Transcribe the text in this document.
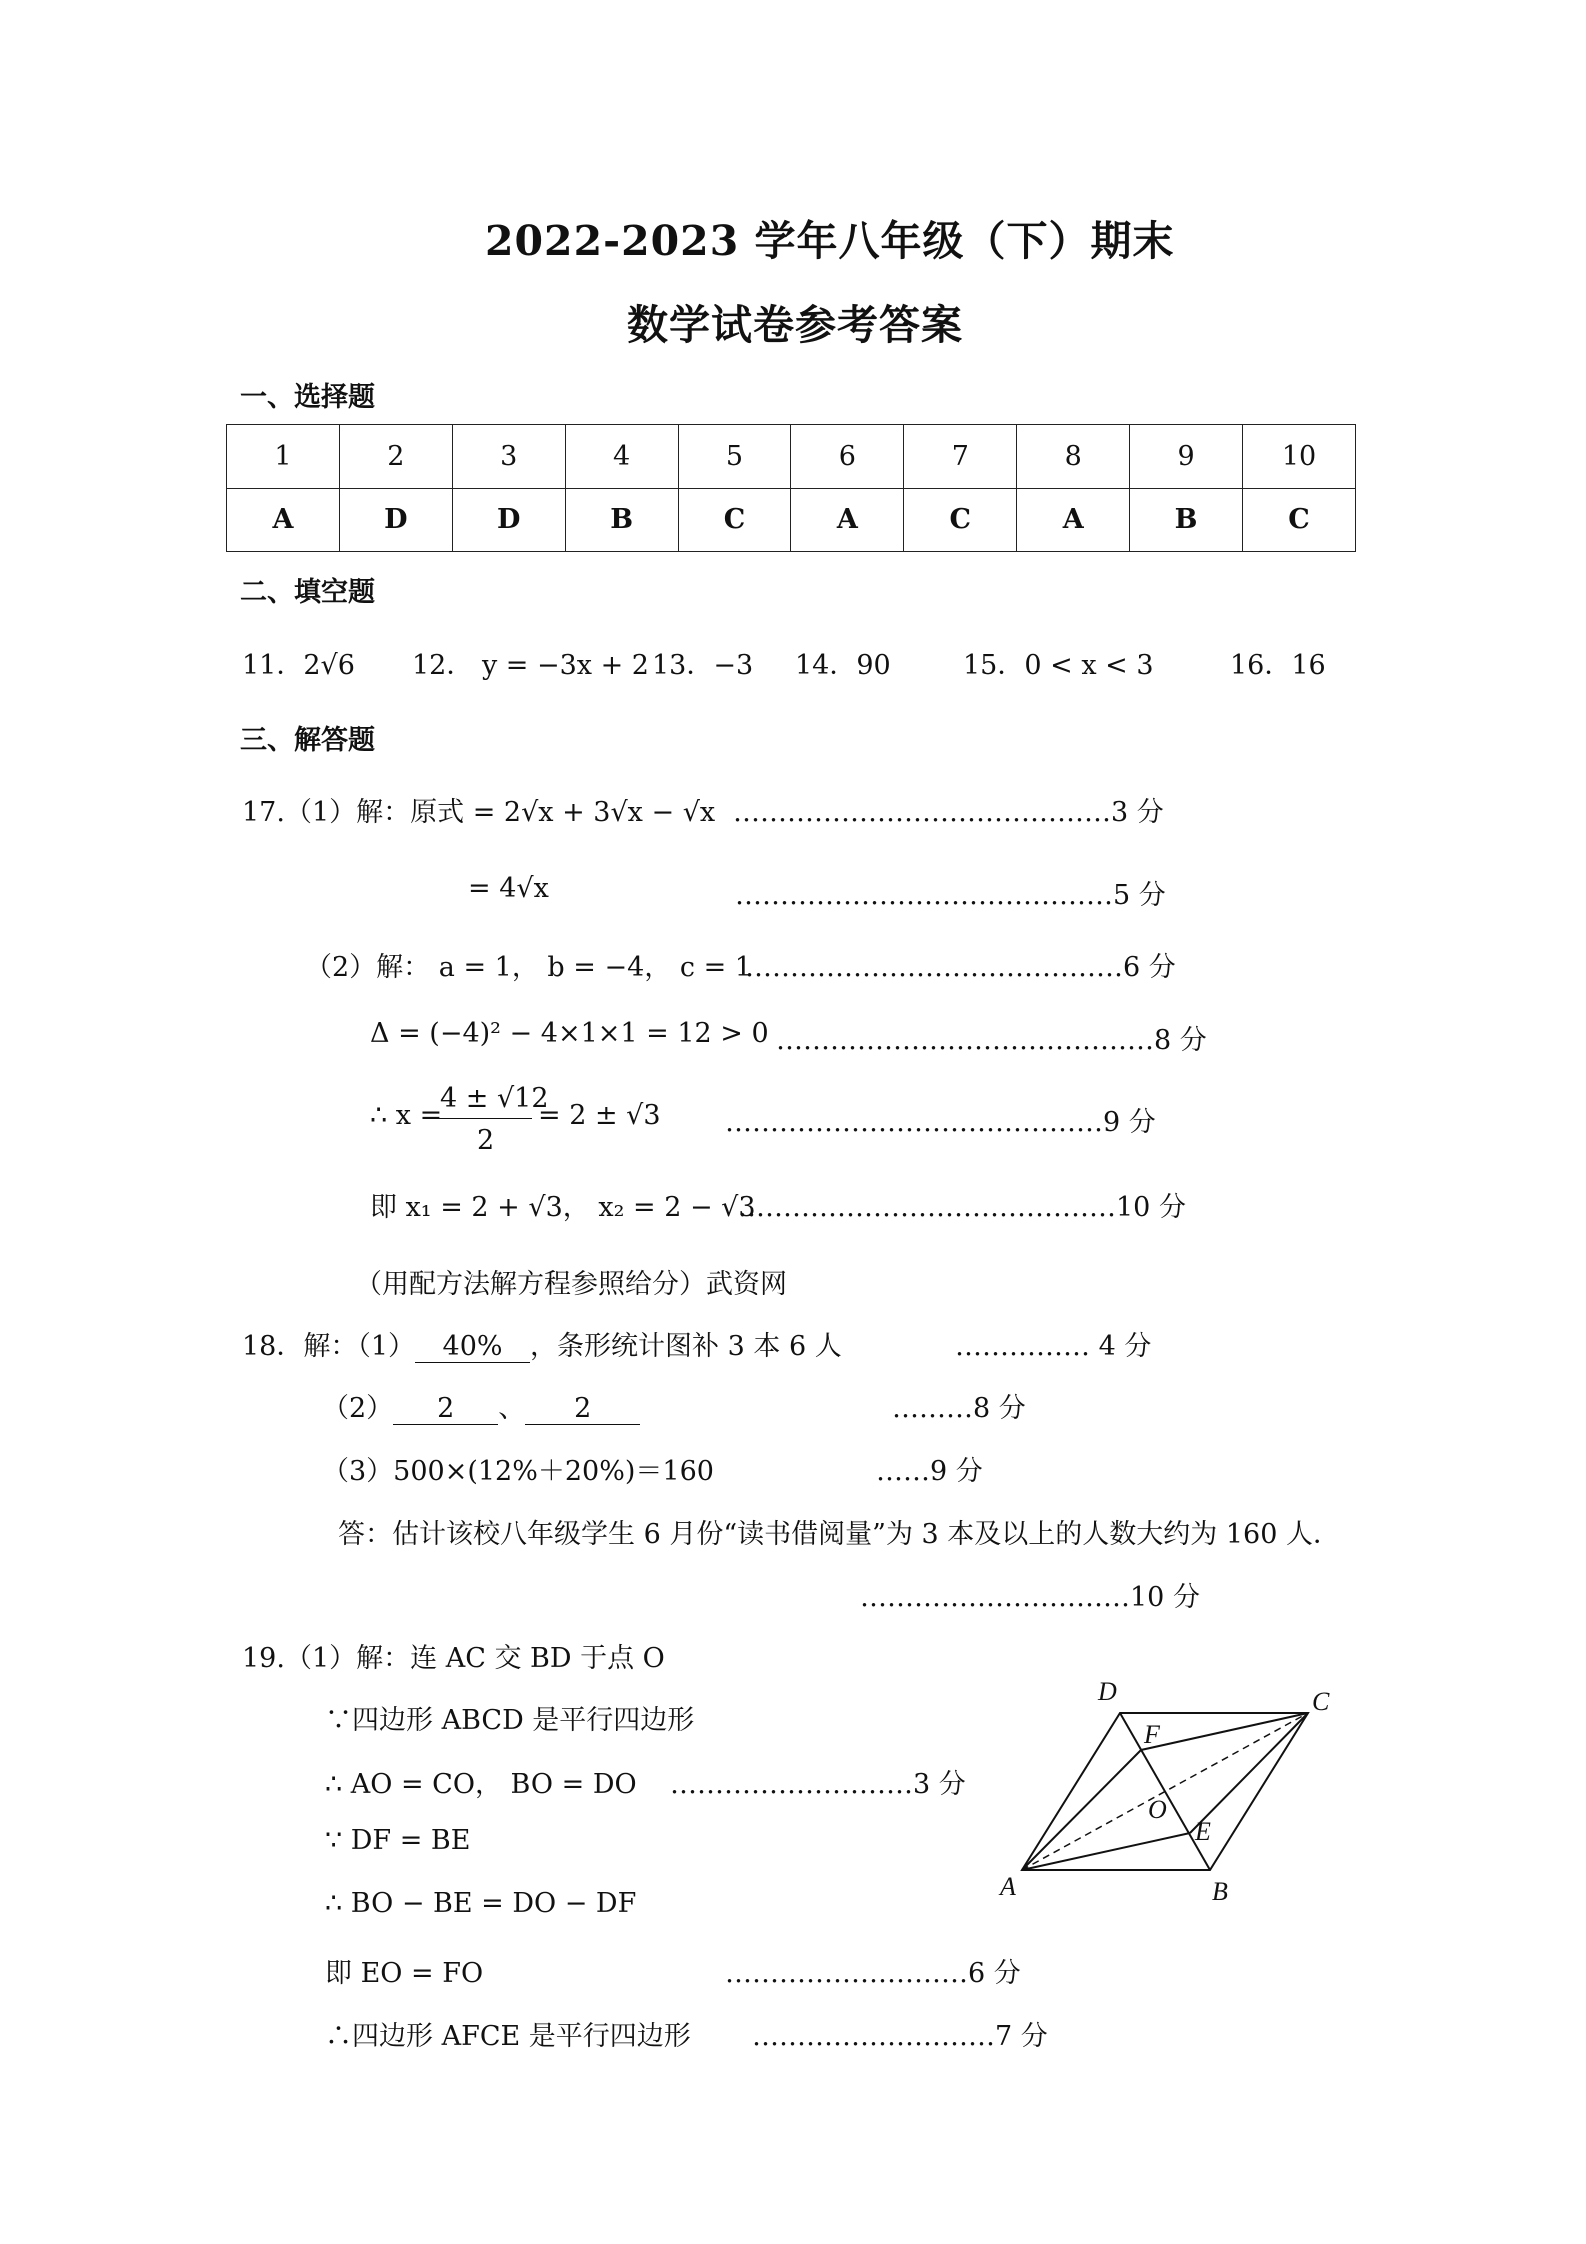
2022-2023 学年八年级（下）期末
数学试卷参考答案
一、选择题
1	2	3	4	5	6	7	8	9	10
A	D	D	B	C	A	C	A	B	C
二、填空题
11．2√6 12． y = −3x + 2 13．−3 14．90	15．0 < x < 3	16．16
三、解答题
17.（1）解：原式 = 2√x + 3√x − √x ……………………………………3 分
= 4√x	……………………………………5 分
（2）解： a = 1， b = −4， c = 1
……………………………………6 分
Δ = (−4)² − 4×1×1 = 12 > 0 ……………………………………8 分
∴ x =
4 ± √12
2
= 2 ± √3 ……………………………………9 分
即 x₁ = 2 + √3， x₂ = 2 − √3
……………………………………10 分
（用配方法解方程参照给分）武资网
18．解：（1） 40% ，条形统计图补 3 本 6 人	…………… 4 分
（2） 2 、 2	………8 分
（3）500×(12%＋20%)＝160	……9 分
答：估计该校八年级学生 6 月份“读书借阅量”为 3 本及以上的人数大约为 160 人．
…………………………10 分
19.（1）解：连 AC 交 BD 于点 O
∵四边形 ABCD 是平行四边形
∴ AO = CO， BO = DO ………………………3 分
∵ DF = BE
∴ BO − BE = DO − DF
即 EO = FO	………………………6 分
∴四边形 AFCE 是平行四边形 ………………………7 分
A	B
C
D
E
F
O
